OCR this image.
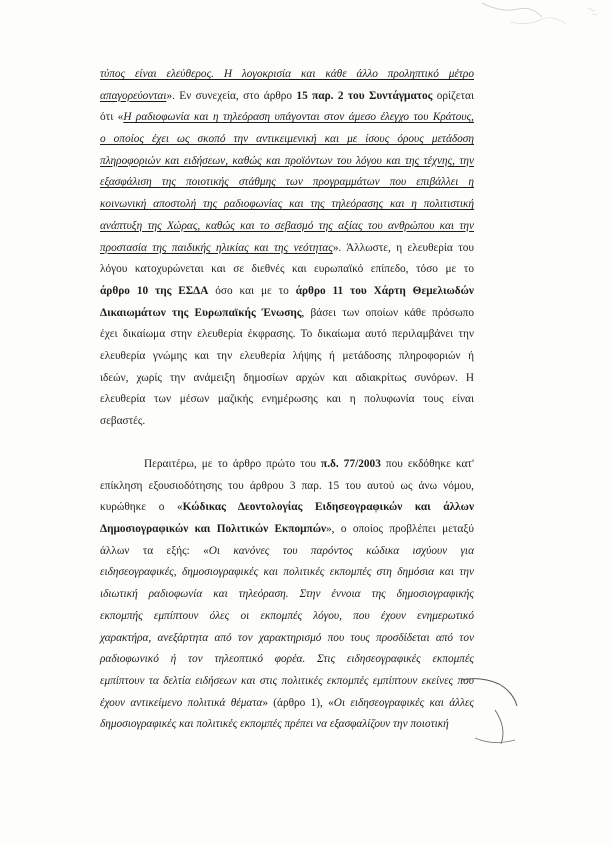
τύπος είναι ελεύθερος. Η λογοκρισία και κάθε άλλο προληπτικό μέτρο
απαγορεύονται». Εν συνεχεία, στο άρθρο 15 παρ. 2 του Συντάγματος ορίζεται
ότι «Η ραδιοφωνία και η τηλεόραση υπάγονται στον άμεσο έλεγχο του Κράτους,
ο οποίος έχει ως σκοπό την αντικειμενική και με ίσους όρους μετάδοση
πληροφοριών και ειδήσεων, καθώς και προϊόντων του λόγου και της τέχνης, την
εξασφάλιση της ποιοτικής στάθμης των προγραμμάτων που επιβάλλει η
κοινωνική αποστολή της ραδιοφωνίας και της τηλεόρασης και η πολιτιστική
ανάπτυξη της Χώρας, καθώς και το σεβασμό της αξίας του ανθρώπου και την
προστασία της παιδικής ηλικίας και της νεότητας». Άλλωστε, η ελευθερία του
λόγου κατοχυρώνεται και σε διεθνές και ευρωπαϊκό επίπεδο, τόσο με το
άρθρο 10 της ΕΣΔΑ όσο και με το άρθρο 11 του Χάρτη Θεμελιωδών
Δικαιωμάτων της Ευρωπαϊκής Ένωσης, βάσει των οποίων κάθε πρόσωπο
έχει δικαίωμα στην ελευθερία έκφρασης. Το δικαίωμα αυτό περιλαμβάνει την
ελευθερία γνώμης και την ελευθερία λήψης ή μετάδοσης πληροφοριών ή
ιδεών, χωρίς την ανάμειξη δημοσίων αρχών και αδιακρίτως συνόρων. Η
ελευθερία των μέσων μαζικής ενημέρωσης και η πολυφωνία τους είναι
σεβαστές.
Περαιτέρω, με το άρθρο πρώτο του π.δ. 77/2003 που εκδόθηκε κατ'
επίκληση εξουσιοδότησης του άρθρου 3 παρ. 15 του αυτού ως άνω νόμου,
κυρώθηκε ο «Κώδικας Δεοντολογίας Ειδησεογραφικών και άλλων
Δημοσιογραφικών και Πολιτικών Εκπομπών», ο οποίος προβλέπει μεταξύ
άλλων τα εξής: «Οι κανόνες του παρόντος κώδικα ισχύουν για
ειδησεογραφικές, δημοσιογραφικές και πολιτικές εκπομπές στη δημόσια και την
ιδιωτική ραδιοφωνία και τηλεόραση. Στην έννοια της δημοσιογραφικής
εκπομπής εμπίπτουν όλες οι εκπομπές λόγου, που έχουν ενημερωτικό
χαρακτήρα, ανεξάρτητα από τον χαρακτηρισμό που τους προσδίδεται από τον
ραδιοφωνικό ή τον τηλεοπτικό φορέα. Στις ειδησεογραφικές εκπομπές
εμπίπτουν τα δελτία ειδήσεων και στις πολιτικές εκπομπές εμπίπτουν εκείνες που
έχουν αντικείμενο πολιτικά θέματα» (άρθρο 1), «Οι ειδησεογραφικές και άλλες
δημοσιογραφικές και πολιτικές εκπομπές πρέπει να εξασφαλίζουν την ποιοτική
